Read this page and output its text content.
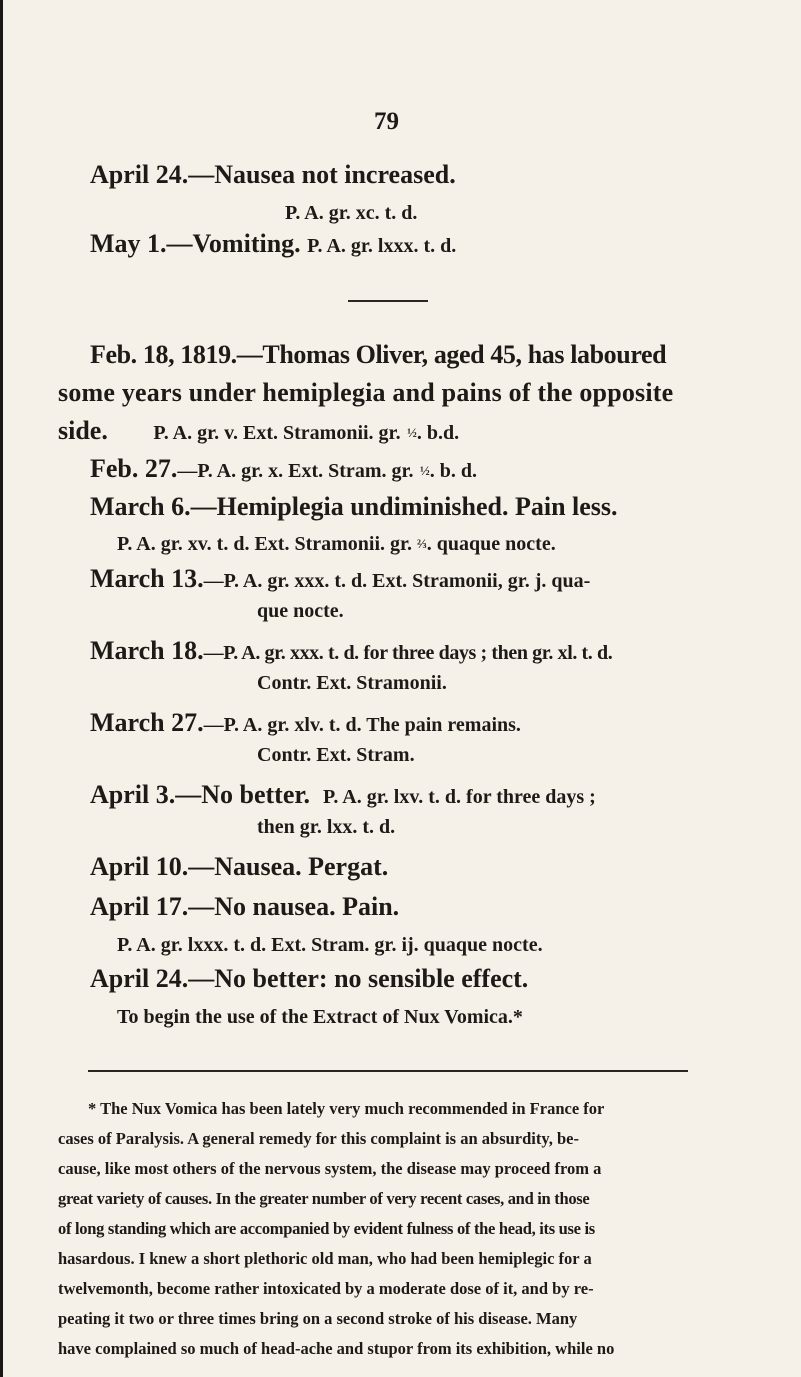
79
April 24.—Nausea not increased.
P. A. gr. xc. t. d.
May 1.—Vomiting. P. A. gr. lxxx. t. d.
Feb. 18, 1819.—Thomas Oliver, aged 45, has laboured
some years under hemiplegia and pains of the opposite
side. P. A. gr. v. Ext. Stramonii. gr. ½. b.d.
Feb. 27.—P. A. gr. x. Ext. Stram. gr. ½. b. d.
March 6.—Hemiplegia undiminished. Pain less.
P. A. gr. xv. t. d. Ext. Stramonii. gr. ⅔. quaque nocte.
March 13.—P. A. gr. xxx. t. d. Ext. Stramonii, gr. j. qua-
que nocte.
March 18.—P. A. gr. xxx. t. d. for three days ; then gr. xl. t. d.
Contr. Ext. Stramonii.
March 27.—P. A. gr. xlv. t. d. The pain remains.
Contr. Ext. Stram.
April 3.—No better. P. A. gr. lxv. t. d. for three days ;
then gr. lxx. t. d.
April 10.—Nausea. Pergat.
April 17.—No nausea. Pain.
P. A. gr. lxxx. t. d. Ext. Stram. gr. ij. quaque nocte.
April 24.—No better: no sensible effect.
To begin the use of the Extract of Nux Vomica.*
* The Nux Vomica has been lately very much recommended in France for
cases of Paralysis. A general remedy for this complaint is an absurdity, be-
cause, like most others of the nervous system, the disease may proceed from a
great variety of causes. In the greater number of very recent cases, and in those
of long standing which are accompanied by evident fulness of the head, its use is
hasardous. I knew a short plethoric old man, who had been hemiplegic for a
twelvemonth, become rather intoxicated by a moderate dose of it, and by re-
peating it two or three times bring on a second stroke of his disease. Many
have complained so much of head-ache and stupor from its exhibition, while no
